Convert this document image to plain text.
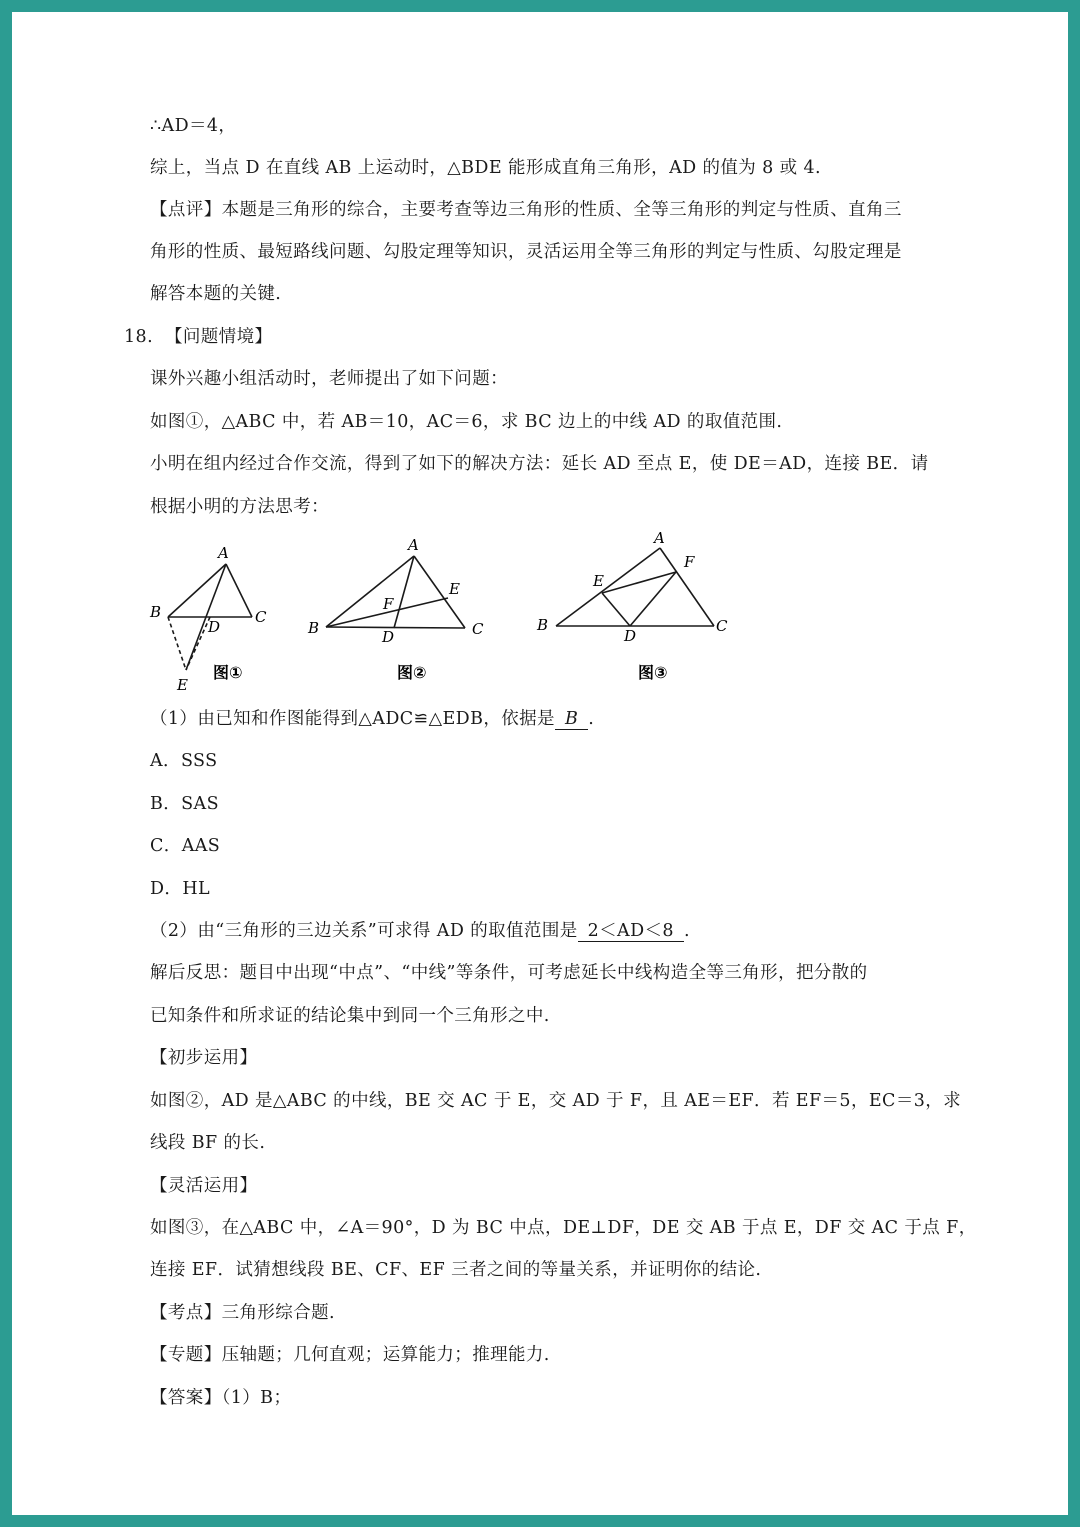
∴AD＝4，
综上，当点 D 在直线 AB 上运动时，△BDE 能形成直角三角形，AD 的值为 8 或 4.
【点评】本题是三角形的综合，主要考查等边三角形的性质、全等三角形的判定与性质、直角三
角形的性质、最短路线问题、勾股定理等知识，灵活运用全等三角形的判定与性质、勾股定理是
解答本题的关键.
18. 【问题情境】
课外兴趣小组活动时，老师提出了如下问题：
如图①，△ABC 中，若 AB＝10，AC＝6，求 BC 边上的中线 AD 的取值范围.
小明在组内经过合作交流，得到了如下的解决方法：延长 AD 至点 E，使 DE＝AD，连接 BE．请
根据小明的方法思考：
A
B	C
D
E
图①
A
B	C
D
E
F
图②
A
B	C
D
E
F
图③
（1）由已知和作图能得到△ADC≌△EDB，依据是 B .
A．SSS
B．SAS
C．AAS
D．HL
（2）由“三角形的三边关系”可求得 AD 的取值范围是 2＜AD＜8 .
解后反思：题目中出现“中点”、“中线”等条件，可考虑延长中线构造全等三角形，把分散的
已知条件和所求证的结论集中到同一个三角形之中.
【初步运用】
如图②，AD 是△ABC 的中线，BE 交 AC 于 E，交 AD 于 F，且 AE＝EF．若 EF＝5，EC＝3，求
线段 BF 的长.
【灵活运用】
如图③，在△ABC 中，∠A＝90°，D 为 BC 中点，DE⊥DF，DE 交 AB 于点 E，DF 交 AC 于点 F，
连接 EF．试猜想线段 BE、CF、EF 三者之间的等量关系，并证明你的结论.
【考点】三角形综合题.
【专题】压轴题；几何直观；运算能力；推理能力.
【答案】（1）B；
